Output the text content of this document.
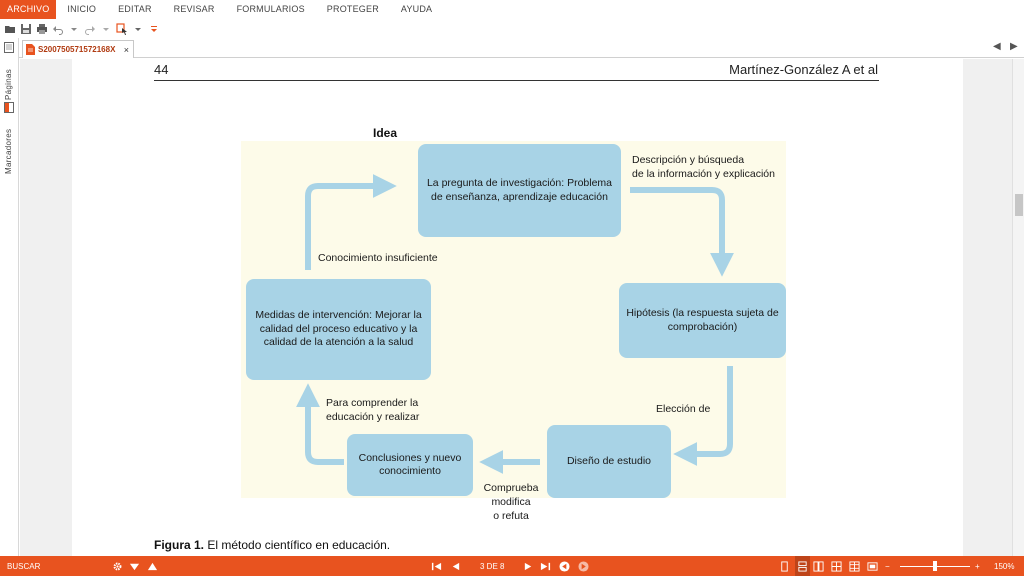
ARCHIVO	INICIO	EDITAR	REVISAR	FORMULARIOS	PROTEGER	AYUDA
S200750571572168X ×	◀ ▶
Páginas
Marcadores
44	Martínez-González A et al
Idea
La pregunta de investigación: Problema de enseñanza, aprendizaje educación
Hipótesis (la respuesta sujeta de comprobación)
Diseño de estudio
Conclusiones y nuevo conocimiento
Medidas de intervención: Mejorar la calidad del proceso educativo y la calidad de la atención a la salud
Descripción y búsqueda
de la información y explicación
Elección de
Comprueba
modifica
o refuta
Para comprender la
educación y realizar
Conocimiento insuficiente
Figura 1. El método científico en educación.
BUSCAR	3 DE 8	−	+ 150%
